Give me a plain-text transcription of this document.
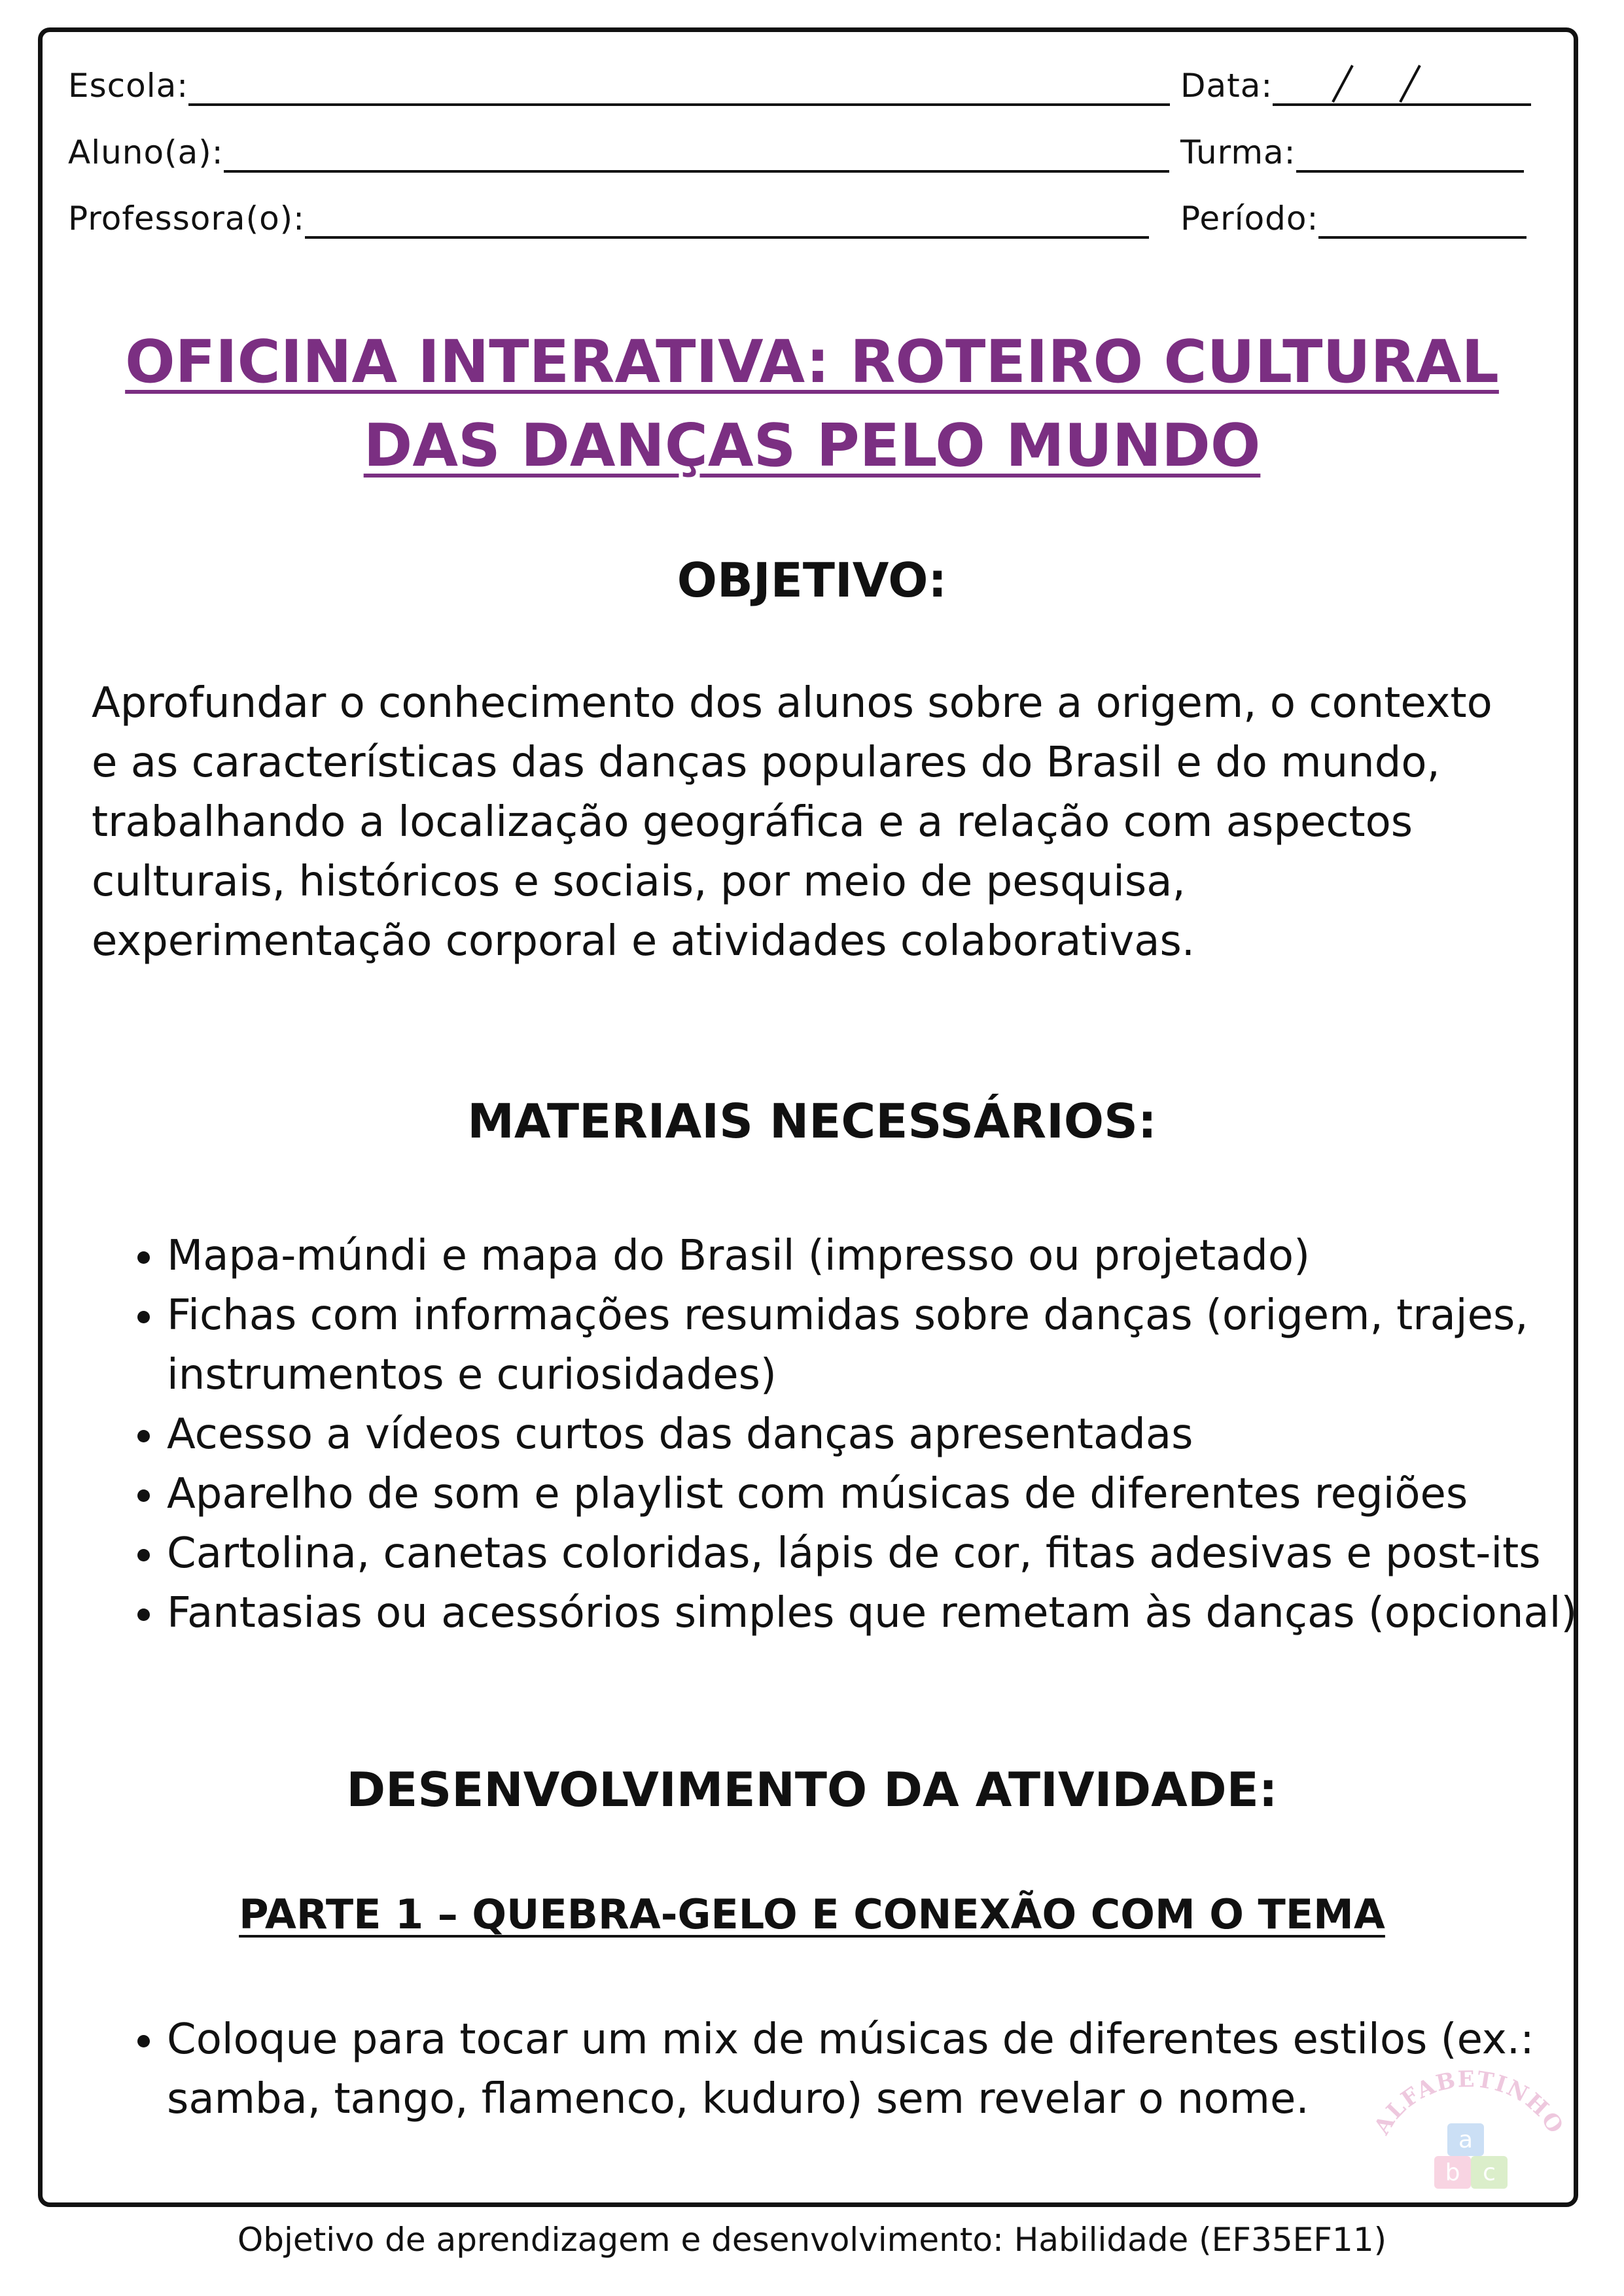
Escola:
Aluno(a):
Professora(o):
Data:
Turma:
Período:
OFICINA INTERATIVA: ROTEIRO CULTURAL
DAS DANÇAS PELO MUNDO
OBJETIVO:
Aprofundar o conhecimento dos alunos sobre a origem, o contexto e as características das danças populares do Brasil e do mundo, trabalhando a localização geográfica e a relação com aspectos culturais, históricos e sociais, por meio de pesquisa, experimentação corporal e atividades colaborativas.
MATERIAIS NECESSÁRIOS:
• Mapa-múndi e mapa do Brasil (impresso ou projetado)
• Fichas com informações resumidas sobre danças (origem, trajes, instrumentos e curiosidades)
• Acesso a vídeos curtos das danças apresentadas
• Aparelho de som e playlist com músicas de diferentes regiões
• Cartolina, canetas coloridas, lápis de cor, fitas adesivas e post-its
• Fantasias ou acessórios simples que remetam às danças (opcional)
DESENVOLVIMENTO DA ATIVIDADE:
PARTE 1 – QUEBRA-GELO E CONEXÃO COM O TEMA
• Coloque para tocar um mix de músicas de diferentes estilos (ex.: samba, tango, flamenco, kuduro) sem revelar o nome.
ALFABETINHO
a
b c
Objetivo de aprendizagem e desenvolvimento: Habilidade (EF35EF11)
